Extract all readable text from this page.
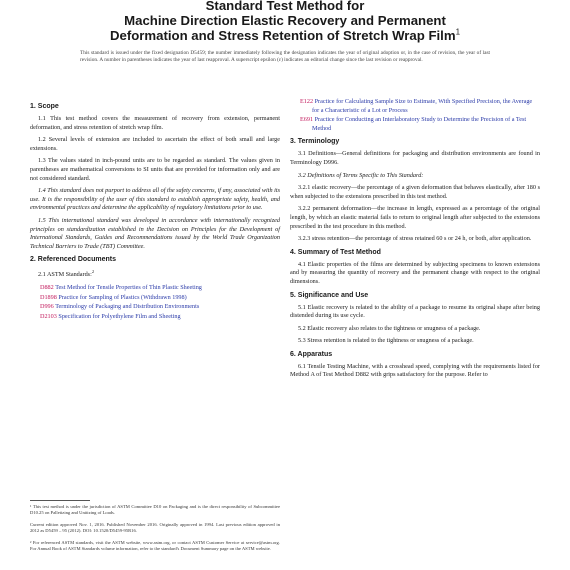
Standard Test Method for
Machine Direction Elastic Recovery and Permanent
Deformation and Stress Retention of Stretch Wrap Film$^1$
This standard is issued under the fixed designation D5459; the number immediately following the designation indicates the year of original adoption or, in the case of revision, the year of last revision. A number in parentheses indicates the year of last reapproval. A superscript epsilon (ε) indicates an editorial change since the last revision or reapproval.
1. Scope
1.1 This test method covers the measurement of recovery from extension, permanent deformation, and stress retention of stretch wrap film.
1.2 Several levels of extension are included to ascertain the effect of both small and large extensions.
1.3 The values stated in inch-pound units are to be regarded as standard. The values given in parentheses are mathematical conversions to SI units that are provided for information only and are not considered standard.
1.4 This standard does not purport to address all of the safety concerns, if any, associated with its use. It is the responsibility of the user of this standard to establish appropriate safety, health, and environmental practices and determine the applicability of regulatory limitations prior to use.
1.5 This international standard was developed in accordance with internationally recognized principles on standardization established in the Decision on Principles for the Development of International Standards, Guides and Recommendations issued by the World Trade Organization Technical Barriers to Trade (TBT) Committee.
2. Referenced Documents
2.1 ASTM Standards:$^2$
D882 Test Method for Tensile Properties of Thin Plastic Sheeting
D1898 Practice for Sampling of Plastics (Withdrawn 1998)
D996 Terminology of Packaging and Distribution Environments
D2103 Specification for Polyethylene Film and Sheeting
¹ This test method is under the jurisdiction of ASTM Committee D10 on Packaging and is the direct responsibility of Subcommittee D10.25 on Palletizing and Unitizing of Loads.
Current edition approved Nov. 1, 2016. Published November 2016. Originally approved in 1994. Last previous edition approved in 2012 as D5459 – 95 (2012). DOI: 10.1520/D5459-95R16.
² For referenced ASTM standards, visit the ASTM website, www.astm.org, or contact ASTM Customer Service at service@astm.org. For Annual Book of ASTM Standards volume information, refer to the standard's Document Summary page on the ASTM website.
E122 Practice for Calculating Sample Size to Estimate, With Specified Precision, the Average for a Characteristic of a Lot or Process
E691 Practice for Conducting an Interlaboratory Study to Determine the Precision of a Test Method
3. Terminology
3.1 Definitions—General definitions for packaging and distribution environments are found in Terminology D996.
3.2 Definitions of Terms Specific to This Standard:
3.2.1 elastic recovery—the percentage of a given deformation that behaves elastically, after 180 s when subjected to the extensions prescribed in this test method.
3.2.2 permanent deformation—the increase in length, expressed as a percentage of the original length, by which an elastic material fails to return to original length after subjected to the extensions prescribed in the test procedure in this method.
3.2.3 stress retention—the percentage of stress retained 60 s or 24 h, or both, after application.
4. Summary of Test Method
4.1 Elastic properties of the films are determined by subjecting specimens to known extensions and by measuring the quantity of recovery and the permanent change with respect to the original dimensions.
5. Significance and Use
5.1 Elastic recovery is related to the ability of a package to resume its original shape after being distended during its use cycle.
5.2 Elastic recovery also relates to the tightness or snugness of a package.
5.3 Stress retention is related to the tightness or snugness of a package.
6. Apparatus
6.1 Tensile Testing Machine, with a crosshead speed, complying with the requirements listed for Method A of Test Method D882 with grips satisfactory for the purpose. Refer to
